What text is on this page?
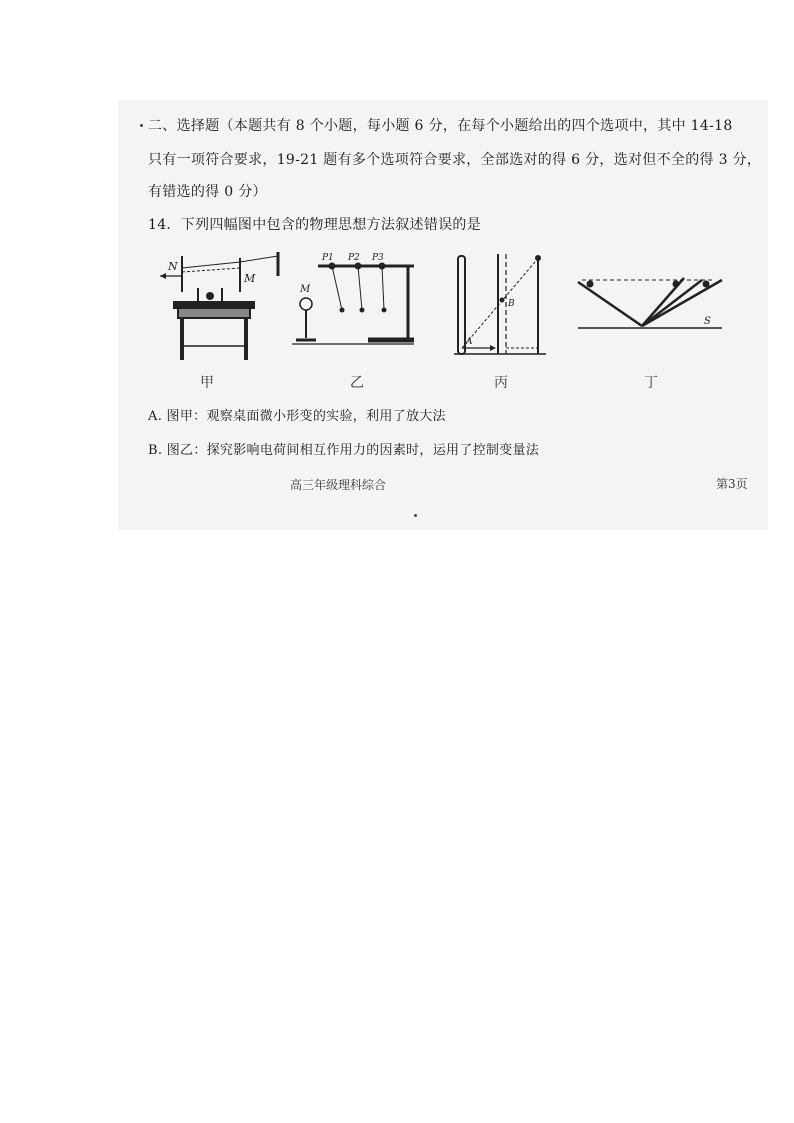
二、选择题（本题共有 8 个小题，每小题 6 分，在每个小题给出的四个选项中，其中 14-18
只有一项符合要求，19-21 题有多个选项符合要求，全部选对的得 6 分，选对但不全的得 3 分，
有错选的得 0 分）
14．下列四幅图中包含的物理思想方法叙述错误的是
N
M
M
P1 P2 P3
A
B
S
甲	乙	丙	丁
A. 图甲：观察桌面微小形变的实验，利用了放大法
B. 图乙：探究影响电荷间相互作用力的因素时，运用了控制变量法
高三年级理科综合	第3页
